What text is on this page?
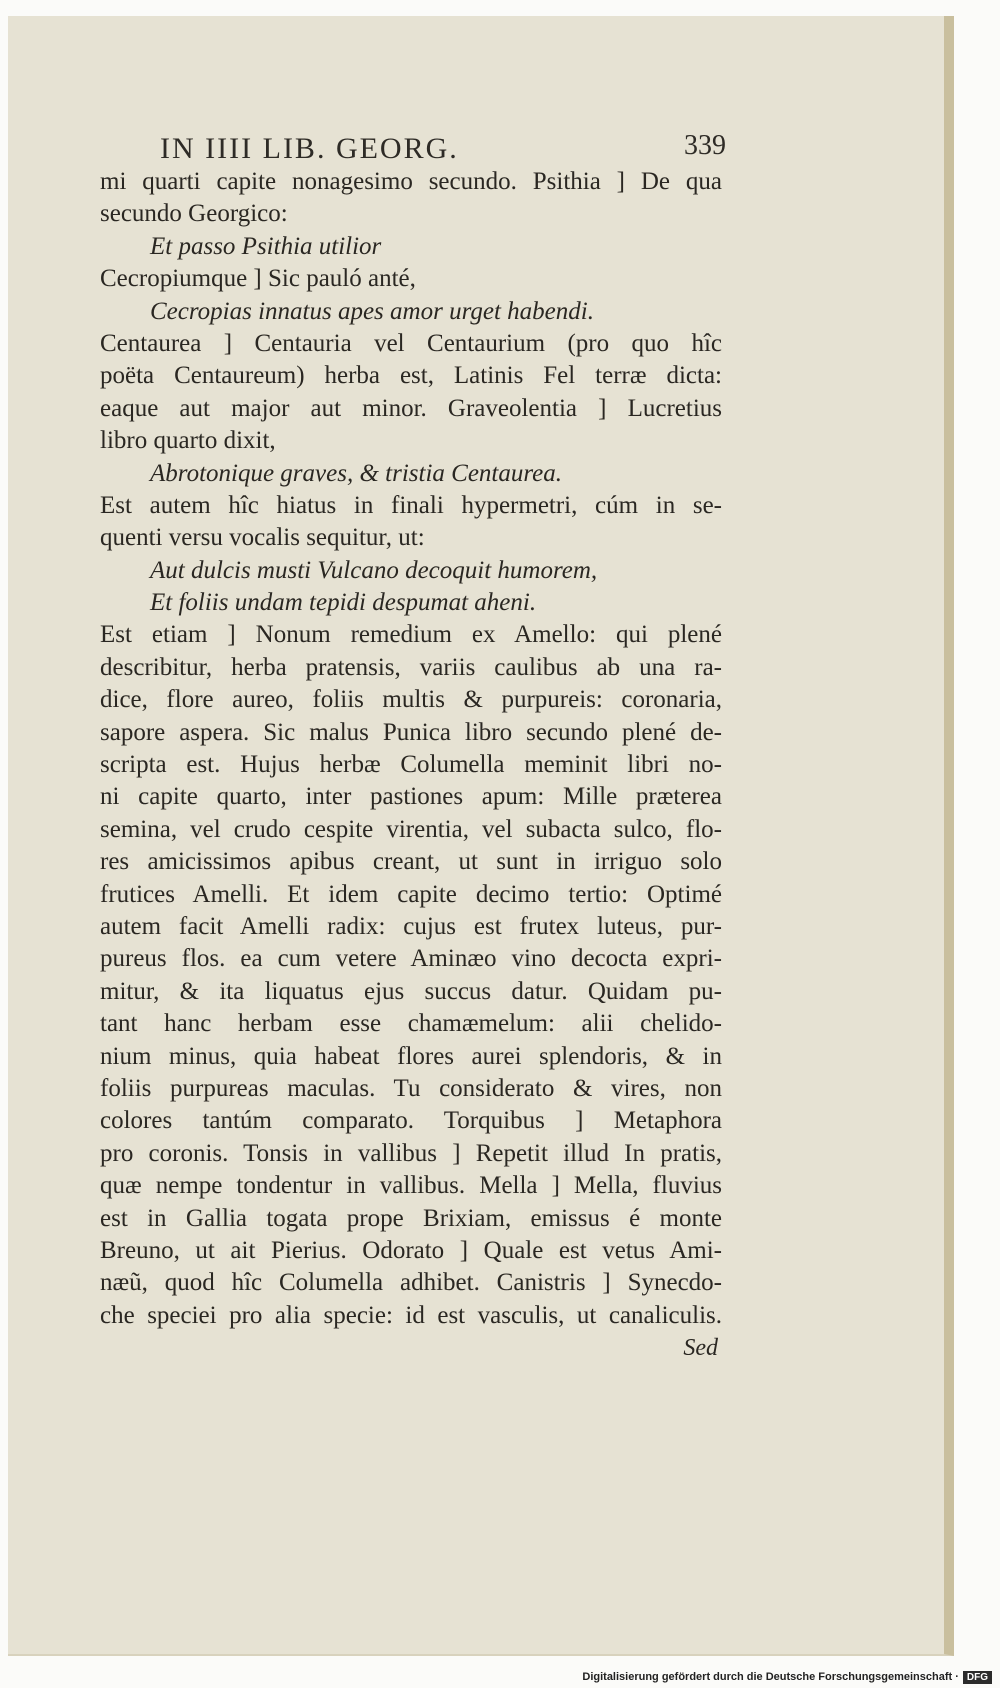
IN IIII LIB. GEORG.	339
mi quarti capite nonagesimo secundo. Psithia ] De qua
secundo Georgico:
Et passo Psithia utilior
Cecropiumque ] Sic pauló anté,
Cecropias innatus apes amor urget habendi.
Centaurea ] Centauria vel Centaurium (pro quo hîc
poëta Centaureum) herba est, Latinis Fel terræ dicta:
eaque aut major aut minor. Graveolentia ] Lucretius
libro quarto dixit,
Abrotonique graves, & tristia Centaurea.
Est autem hîc hiatus in finali hypermetri, cúm in se-
quenti versu vocalis sequitur, ut:
Aut dulcis musti Vulcano decoquit humorem,
Et foliis undam tepidi despumat aheni.
Est etiam ] Nonum remedium ex Amello: qui plené
describitur, herba pratensis, variis caulibus ab una ra-
dice, flore aureo, foliis multis & purpureis: coronaria,
sapore aspera. Sic malus Punica libro secundo plené de-
scripta est. Hujus herbæ Columella meminit libri no-
ni capite quarto, inter pastiones apum: Mille præterea
semina, vel crudo cespite virentia, vel subacta sulco, flo-
res amicissimos apibus creant, ut sunt in irriguo solo
frutices Amelli. Et idem capite decimo tertio: Optimé
autem facit Amelli radix: cujus est frutex luteus, pur-
pureus flos. ea cum vetere Aminæo vino decocta expri-
mitur, & ita liquatus ejus succus datur. Quidam pu-
tant hanc herbam esse chamæmelum: alii chelido-
nium minus, quia habeat flores aurei splendoris, & in
foliis purpureas maculas. Tu consideratο & vires, non
colores tantúm comparato. Torquibus ] Metaphora
pro coronis. Tonsis in vallibus ] Repetit illud In pratis,
quæ nempe tondentur in vallibus. Mella ] Mella, fluvius
est in Gallia togata prope Brixiam, emissus é monte
Breuno, ut ait Pierius. Odorato ] Quale est vetus Ami-
næũ, quod hîc Columella adhibet. Canistris ] Synecdo-
che speciei pro alia specie: id est vasculis, ut canaliculis.
Sed
Digitalisierung gefördert durch die Deutsche Forschungsgemeinschaft · DFG
